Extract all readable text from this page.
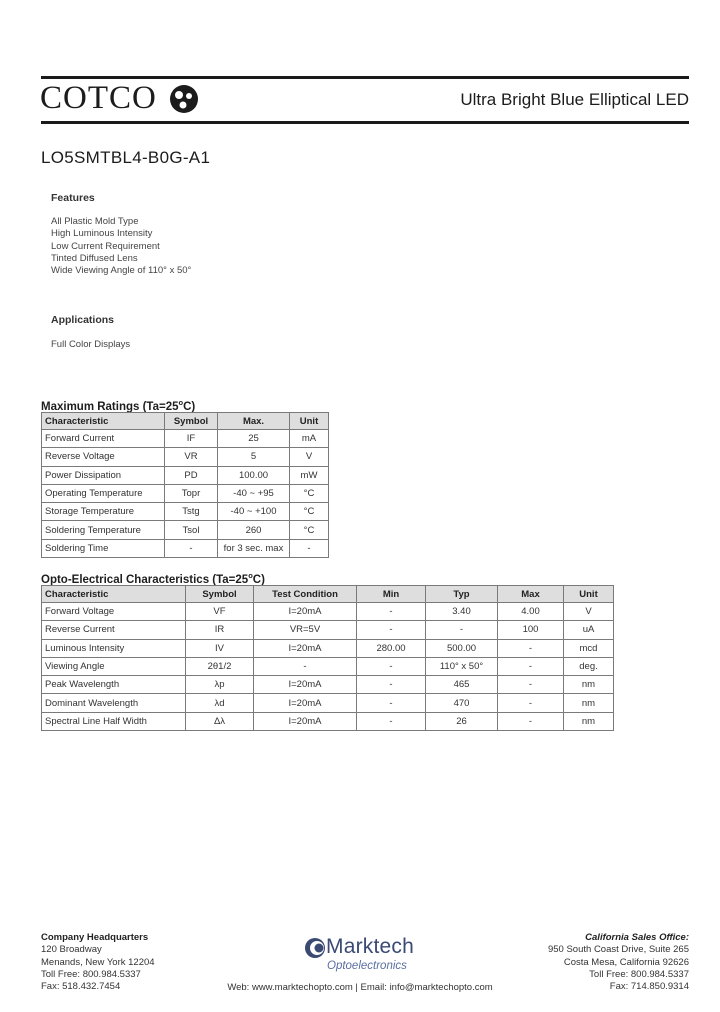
COTCO	Ultra Bright Blue Elliptical LED
LO5SMTBL4-B0G-A1
Features
All Plastic Mold Type
High Luminous Intensity
Low Current Requirement
Tinted Diffused Lens
Wide Viewing Angle of 110° x 50°
Applications
Full Color Displays
Maximum Ratings $(Ta=25^oC)$
Characteristic	Symbol	Max.	Unit
Forward Current	IF	25	mA
Reverse Voltage	VR	5	V
Power Dissipation	PD	100.00	mW
Operating Temperature	Topr	-40 ~ +95	°C
Storage Temperature	Tstg	-40 ~ +100	°C
Soldering Temperature	Tsol	260	°C
Soldering Time	-	for 3 sec. max	-
Opto-Electrical Characteristics $(Ta=25^oC)$
Characteristic	Symbol	Test Condition	Min	Typ	Max	Unit
Forward Voltage	VF	I=20mA	-	3.40	4.00	V
Reverse Current	IR	VR=5V	-	-	100	uA
Luminous Intensity	IV	I=20mA	280.00	500.00	-	mcd
Viewing Angle	2θ1/2	-	-	110° x 50°	-	deg.
Peak Wavelength	λp	I=20mA	-	465	-	nm
Dominant Wavelength	λd	I=20mA	-	470	-	nm
Spectral Line Half Width	Δλ	I=20mA	-	26	-	nm
Company Headquarters
120 Broadway
Menands, New York 12204
Toll Free: 800.984.5337
Fax: 518.432.7454
Marktech
Optoelectronics
Web: www.marktechopto.com | Email: info@marktechopto.com
California Sales Office:
950 South Coast Drive, Suite 265
Costa Mesa, California 92626
Toll Free: 800.984.5337
Fax: 714.850.9314
